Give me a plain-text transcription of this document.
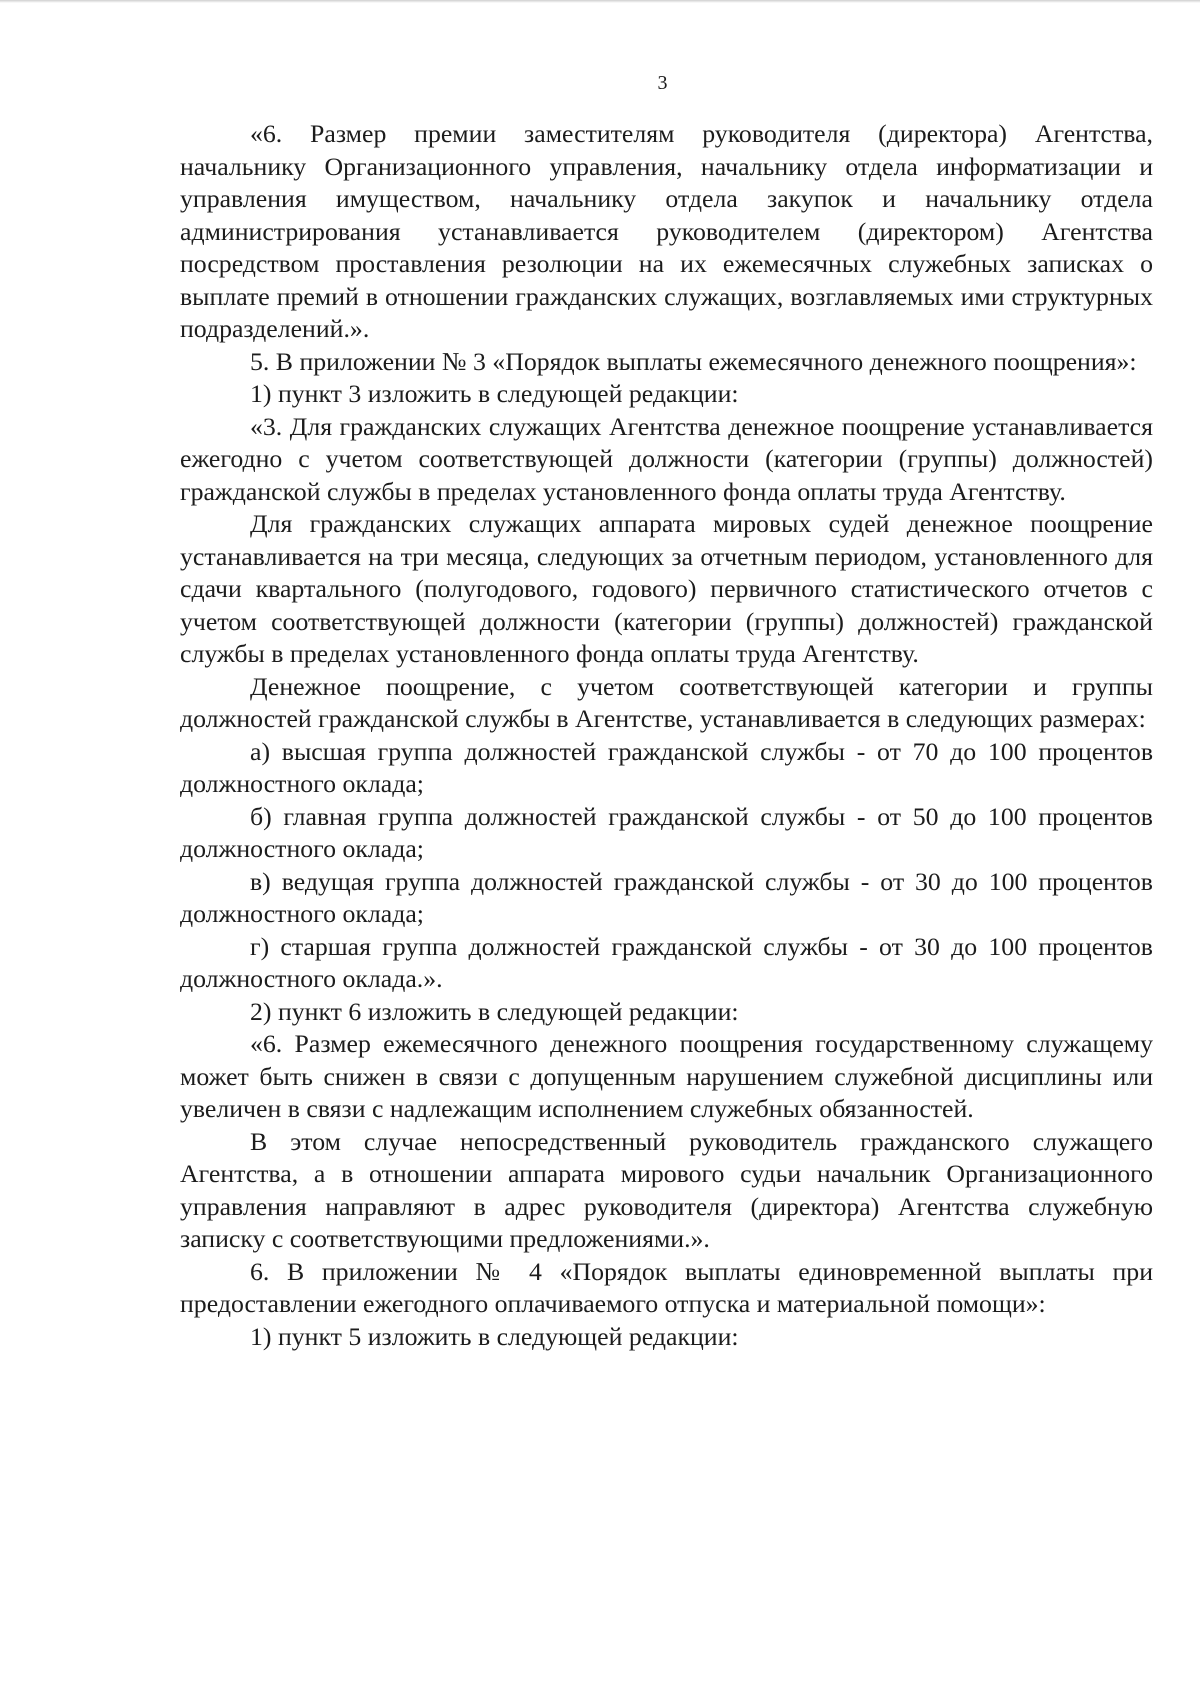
3

«6. Размер премии заместителям руководителя (директора) Агентства, начальнику Организационного управления, начальнику отдела информатизации и управления имуществом, начальнику отдела закупок и начальнику отдела администрирования устанавливается руководителем (директором) Агентства посредством проставления резолюции на их ежемесячных служебных записках о выплате премий в отношении гражданских служащих, возглавляемых ими структурных подразделений.».

5. В приложении № 3 «Порядок выплаты ежемесячного денежного поощрения»:

1) пункт 3 изложить в следующей редакции:

«3. Для гражданских служащих Агентства денежное поощрение устанавливается ежегодно с учетом соответствующей должности (категории (группы) должностей) гражданской службы в пределах установленного фонда оплаты труда Агентству.

Для гражданских служащих аппарата мировых судей денежное поощрение устанавливается на три месяца, следующих за отчетным периодом, установленного для сдачи квартального (полугодового, годового) первичного статистического отчетов с учетом соответствующей должности (категории (группы) должностей) гражданской службы в пределах установленного фонда оплаты труда Агентству.

Денежное поощрение, с учетом соответствующей категории и группы должностей гражданской службы в Агентстве, устанавливается в следующих размерах:

а) высшая группа должностей гражданской службы - от 70 до 100 процентов должностного оклада;

б) главная группа должностей гражданской службы - от 50 до 100 процентов должностного оклада;

в) ведущая группа должностей гражданской службы - от 30 до 100 процентов должностного оклада;

г) старшая группа должностей гражданской службы - от 30 до 100 процентов должностного оклада.».

2) пункт 6 изложить в следующей редакции:

«6. Размер ежемесячного денежного поощрения государственному служащему может быть снижен в связи с допущенным нарушением служебной дисциплины или увеличен в связи с надлежащим исполнением служебных обязанностей.

В этом случае непосредственный руководитель гражданского служащего Агентства, а в отношении аппарата мирового судьи начальник Организационного управления направляют в адрес руководителя (директора) Агентства служебную записку с соответствующими предложениями.».

6. В приложении № 4 «Порядок выплаты единовременной выплаты при предоставлении ежегодного оплачиваемого отпуска и материальной помощи»:

1) пункт 5 изложить в следующей редакции:
